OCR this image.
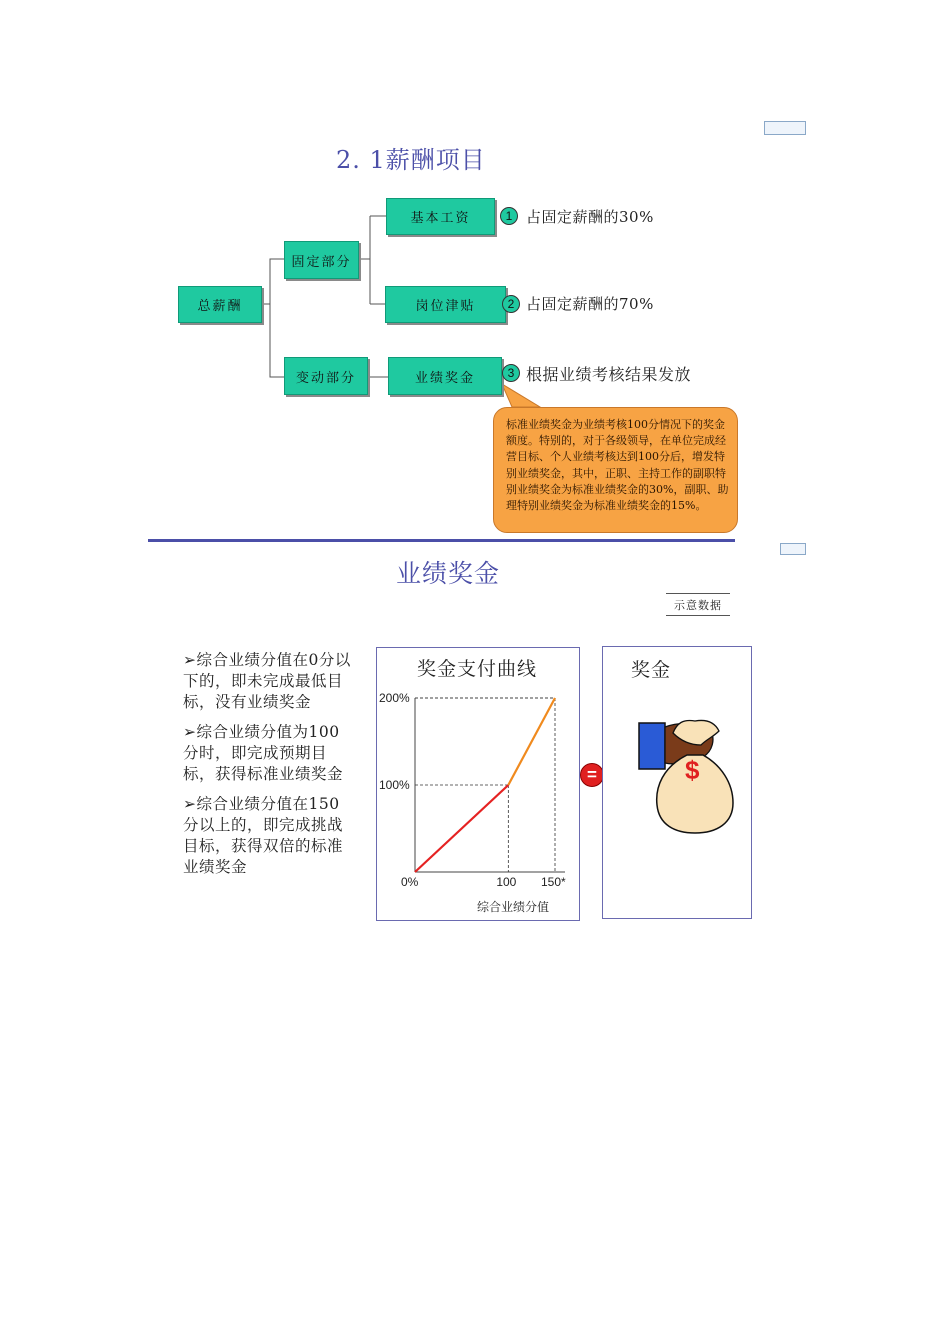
2. 1薪酬项目
总薪酬
固定部分
变动部分
基本工资
岗位津贴
业绩奖金
1 占固定薪酬的30%
2 占固定薪酬的70%
3 根据业绩考核结果发放
标准业绩奖金为业绩考核100分情况下的奖金额度。特别的，对于各级领导，在单位完成经营目标、个人业绩考核达到100分后，增发特别业绩奖金，其中，正职、主持工作的副职特别业绩奖金为标准业绩奖金的30%，副职、助理特别业绩奖金为标准业绩奖金的15%。
业绩奖金
示意数据

➢综合业绩分值在0分以下的，即未完成最低目标，没有业绩奖金

➢综合业绩分值为100分时，即完成预期目标，获得标准业绩奖金

➢综合业绩分值在150分以上的，即完成挑战目标，获得双倍的标准业绩奖金

奖金支付曲线
100%
200%
0%	100 150*
综合业绩分值
=
奖金
$
